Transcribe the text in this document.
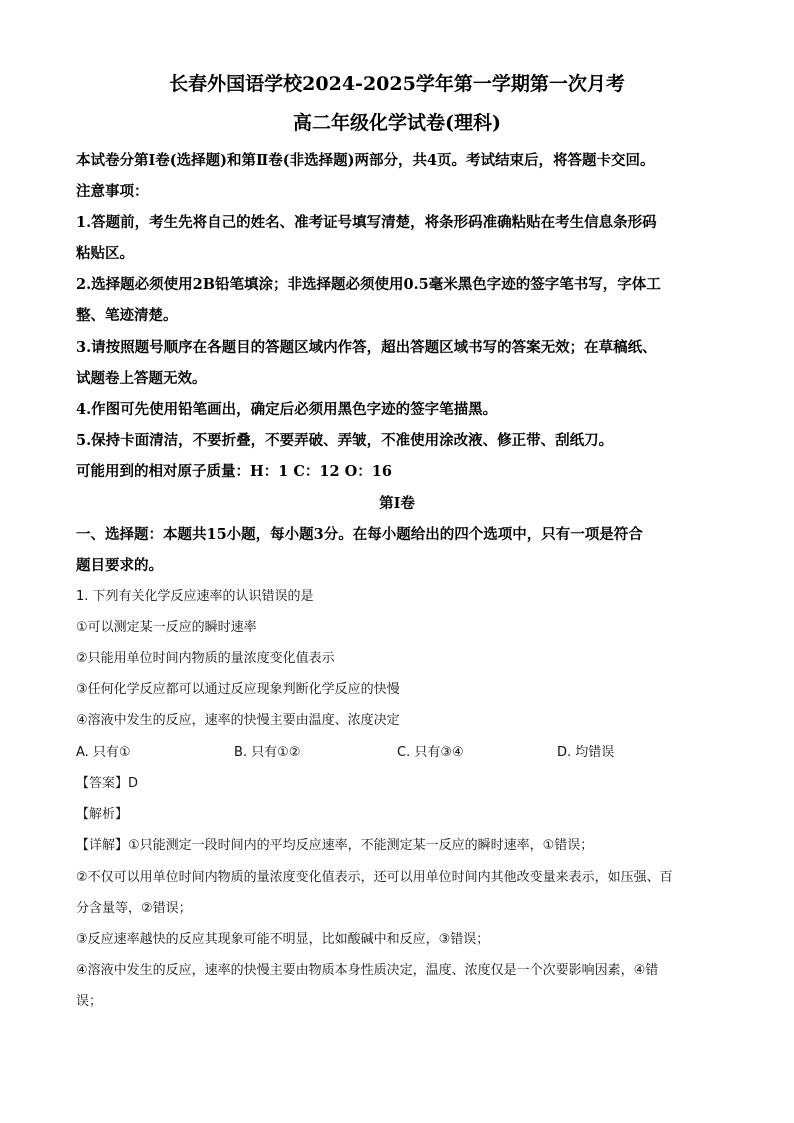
长春外国语学校2024-2025学年第一学期第一次月考
高二年级化学试卷(理科)
本试卷分第Ⅰ卷(选择题)和第Ⅱ卷(非选择题)两部分，共4页。考试结束后，将答题卡交回。
注意事项：
1.答题前，考生先将自己的姓名、准考证号填写清楚，将条形码准确粘贴在考生信息条形码
粘贴区。
2.选择题必须使用2B铅笔填涂；非选择题必须使用0.5毫米黑色字迹的签字笔书写，字体工
整、笔迹清楚。
3.请按照题号顺序在各题目的答题区域内作答，超出答题区域书写的答案无效；在草稿纸、
试题卷上答题无效。
4.作图可先使用铅笔画出，确定后必须用黑色字迹的签字笔描黑。
5.保持卡面清洁，不要折叠，不要弄破、弄皱，不准使用涂改液、修正带、刮纸刀。
可能用到的相对原子质量：H：1 C：12 O：16
第Ⅰ卷
一、选择题：本题共15小题，每小题3分。在每小题给出的四个选项中，只有一项是符合
题目要求的。
1. 下列有关化学反应速率的认识错误的是
①可以测定某一反应的瞬时速率
②只能用单位时间内物质的量浓度变化值表示
③任何化学反应都可以通过反应现象判断化学反应的快慢
④溶液中发生的反应，速率的快慢主要由温度、浓度决定
A. 只有①	B. 只有①②	C. 只有③④	D. 均错误
【答案】D
【解析】
【详解】①只能测定一段时间内的平均反应速率，不能测定某一反应的瞬时速率，①错误；
②不仅可以用单位时间内物质的量浓度变化值表示，还可以用单位时间内其他改变量来表示，如压强、百
分含量等，②错误；
③反应速率越快的反应其现象可能不明显，比如酸碱中和反应，③错误；
④溶液中发生的反应，速率的快慢主要由物质本身性质决定，温度、浓度仅是一个次要影响因素，④错
误；
